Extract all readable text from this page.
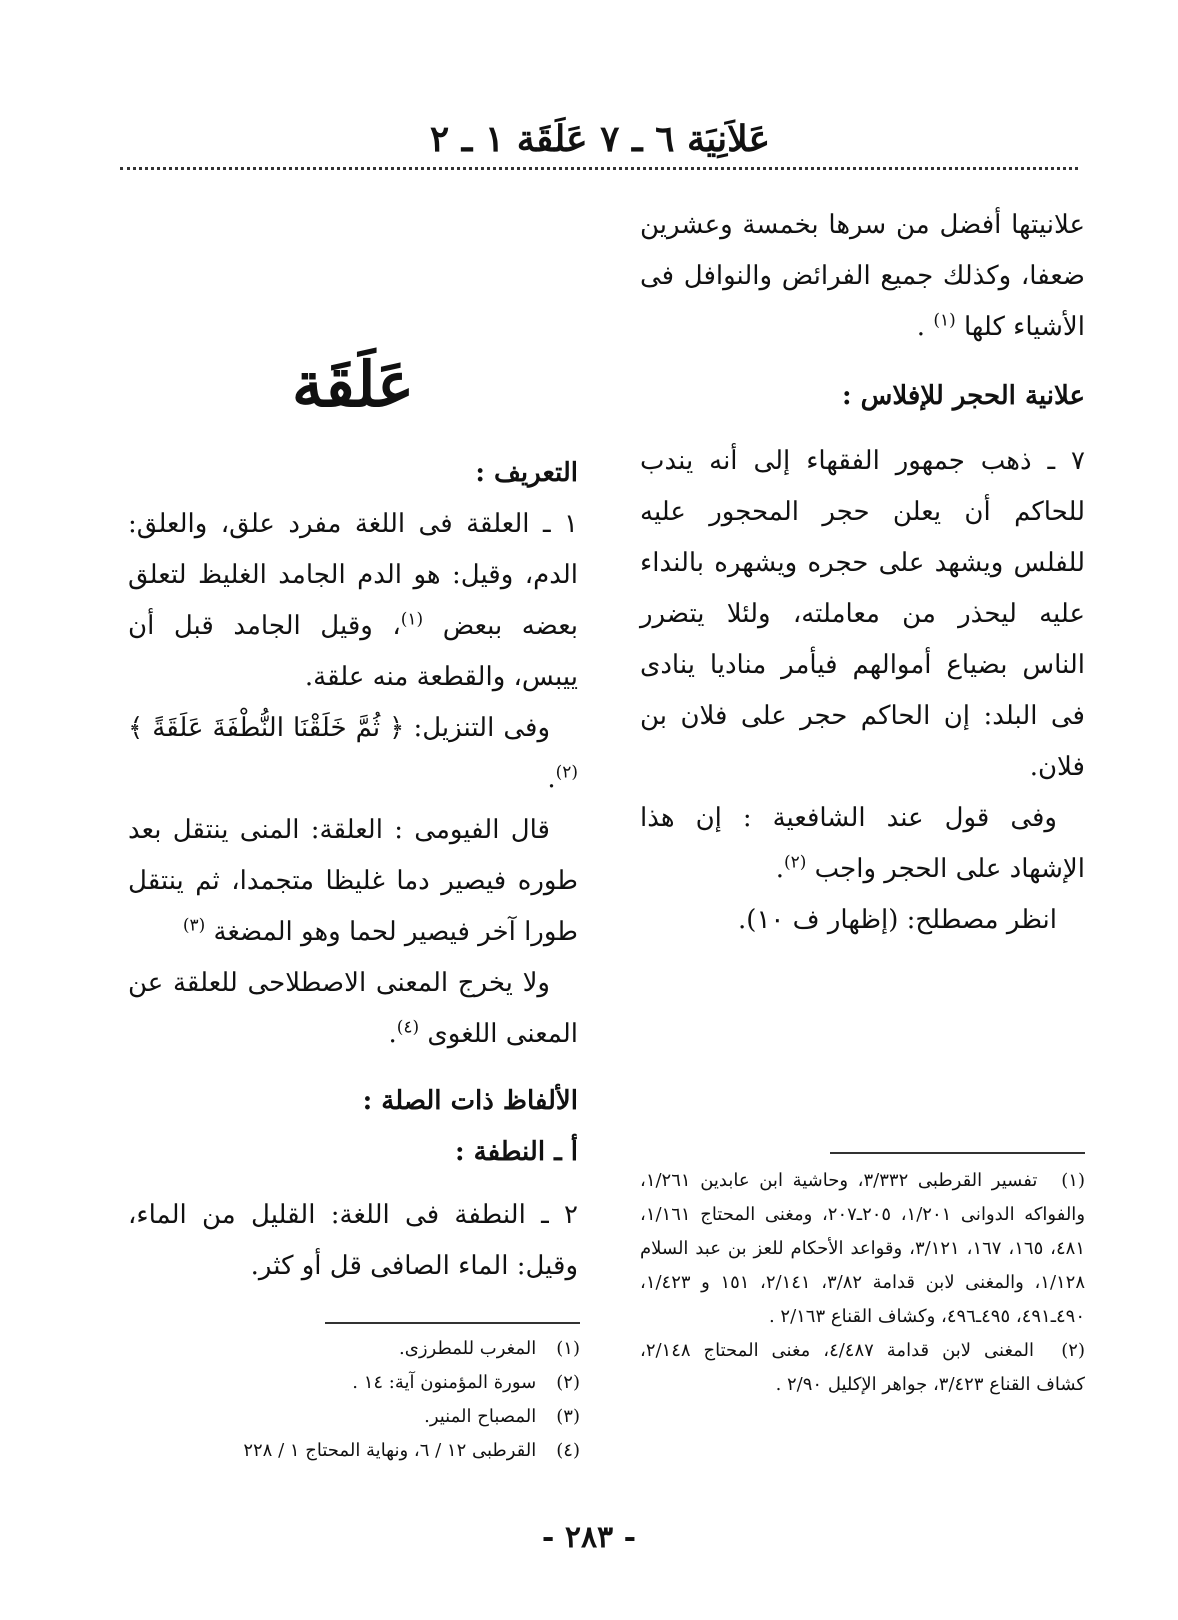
عَلاَنِيَة ٦ ـ ٧ عَلَقَة ١ ـ ٢

علانيتها أفضل من سرها بخمسة وعشرين ضعفا، وكذلك جميع الفرائض والنوافل فى الأشياء كلها $^{(١)}$ .

علانية الحجر للإفلاس :

٧ ـ ذهب جمهور الفقهاء إلى أنه يندب للحاكم أن يعلن حجر المحجور عليه للفلس ويشهد على حجره ويشهره بالنداء عليه ليحذر من معاملته، ولئلا يتضرر الناس بضياع أموالهم فيأمر مناديا ينادى فى البلد: إن الحاكم حجر على فلان بن فلان.

وفى قول عند الشافعية : إن هذا الإشهاد على الحجر واجب $^{(٢)}$.

انظر مصطلح: (إظهار ف ١٠).

(١) تفسير القرطبى ٣/٣٣٢، وحاشية ابن عابدين ١/٢٦١، والفواكه الدوانى ١/٢٠١، ٢٠٥ـ٢٠٧، ومغنى المحتاج ١/١٦١، ٤٨١، ١٦٥، ١٦٧، ٣/١٢١، وقواعد الأحكام للعز بن عبد السلام ١/١٢٨، والمغنى لابن قدامة ٣/٨٢، ٢/١٤١، ١٥١ و ١/٤٢٣، ٤٩٠ـ٤٩١، ٤٩٥ـ٤٩٦، وكشاف القناع ٢/١٦٣ .

(٢) المغنى لابن قدامة ٤/٤٨٧، مغنى المحتاج ٢/١٤٨، كشاف القناع ٣/٤٢٣، جواهر الإكليل ٢/٩٠ .

عَلَقَة

التعريف :

١ ـ العلقة فى اللغة مفرد علق، والعلق: الدم، وقيل: هو الدم الجامد الغليظ لتعلق بعضه ببعض $^{(١)}$، وقيل الجامد قبل أن ييبس، والقطعة منه علقة.

وفى التنزيل: ﴿ ثُمَّ خَلَقْنَا النُّطْفَةَ عَلَقَةً ﴾ $^{(٢)}$.

قال الفيومى : العلقة: المنى ينتقل بعد طوره فيصير دما غليظا متجمدا، ثم ينتقل طورا آخر فيصير لحما وهو المضغة $^{(٣)}$

ولا يخرج المعنى الاصطلاحى للعلقة عن المعنى اللغوى $^{(٤)}$.

الألفاظ ذات الصلة :

أ ـ النطفة :

٢ ـ النطفة فى اللغة: القليل من الماء، وقيل: الماء الصافى قل أو كثر.

(١) المغرب للمطرزى.

(٢) سورة المؤمنون آية: ١٤ .

(٣) المصباح المنير.

(٤) القرطبى ١٢ / ٦، ونهاية المحتاج ١ / ٢٢٨

- ٢٨٣ -
